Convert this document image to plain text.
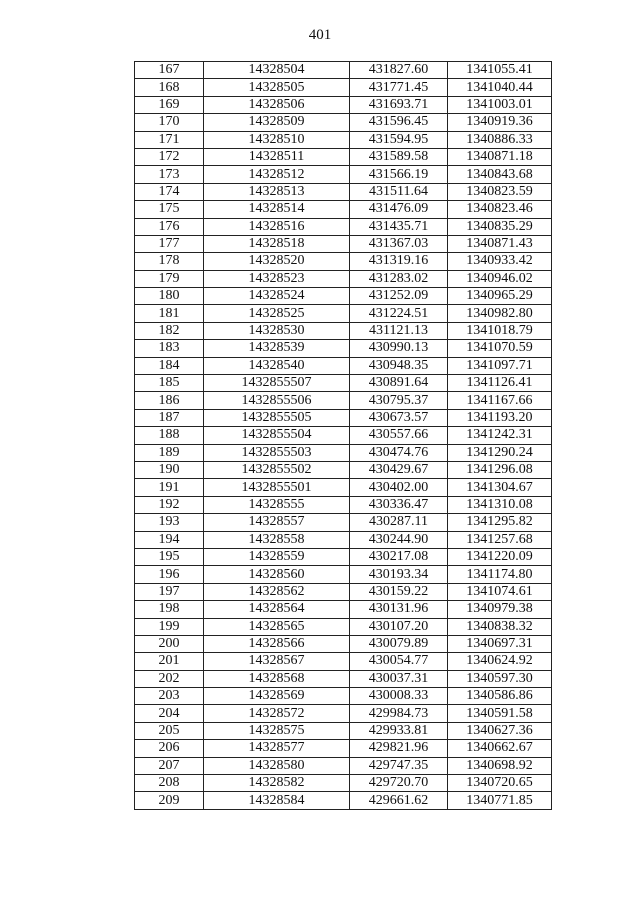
401
167	14328504	431827.60	1341055.41
168	14328505	431771.45	1341040.44
169	14328506	431693.71	1341003.01
170	14328509	431596.45	1340919.36
171	14328510	431594.95	1340886.33
172	14328511	431589.58	1340871.18
173	14328512	431566.19	1340843.68
174	14328513	431511.64	1340823.59
175	14328514	431476.09	1340823.46
176	14328516	431435.71	1340835.29
177	14328518	431367.03	1340871.43
178	14328520	431319.16	1340933.42
179	14328523	431283.02	1340946.02
180	14328524	431252.09	1340965.29
181	14328525	431224.51	1340982.80
182	14328530	431121.13	1341018.79
183	14328539	430990.13	1341070.59
184	14328540	430948.35	1341097.71
185	1432855507	430891.64	1341126.41
186	1432855506	430795.37	1341167.66
187	1432855505	430673.57	1341193.20
188	1432855504	430557.66	1341242.31
189	1432855503	430474.76	1341290.24
190	1432855502	430429.67	1341296.08
191	1432855501	430402.00	1341304.67
192	14328555	430336.47	1341310.08
193	14328557	430287.11	1341295.82
194	14328558	430244.90	1341257.68
195	14328559	430217.08	1341220.09
196	14328560	430193.34	1341174.80
197	14328562	430159.22	1341074.61
198	14328564	430131.96	1340979.38
199	14328565	430107.20	1340838.32
200	14328566	430079.89	1340697.31
201	14328567	430054.77	1340624.92
202	14328568	430037.31	1340597.30
203	14328569	430008.33	1340586.86
204	14328572	429984.73	1340591.58
205	14328575	429933.81	1340627.36
206	14328577	429821.96	1340662.67
207	14328580	429747.35	1340698.92
208	14328582	429720.70	1340720.65
209	14328584	429661.62	1340771.85
